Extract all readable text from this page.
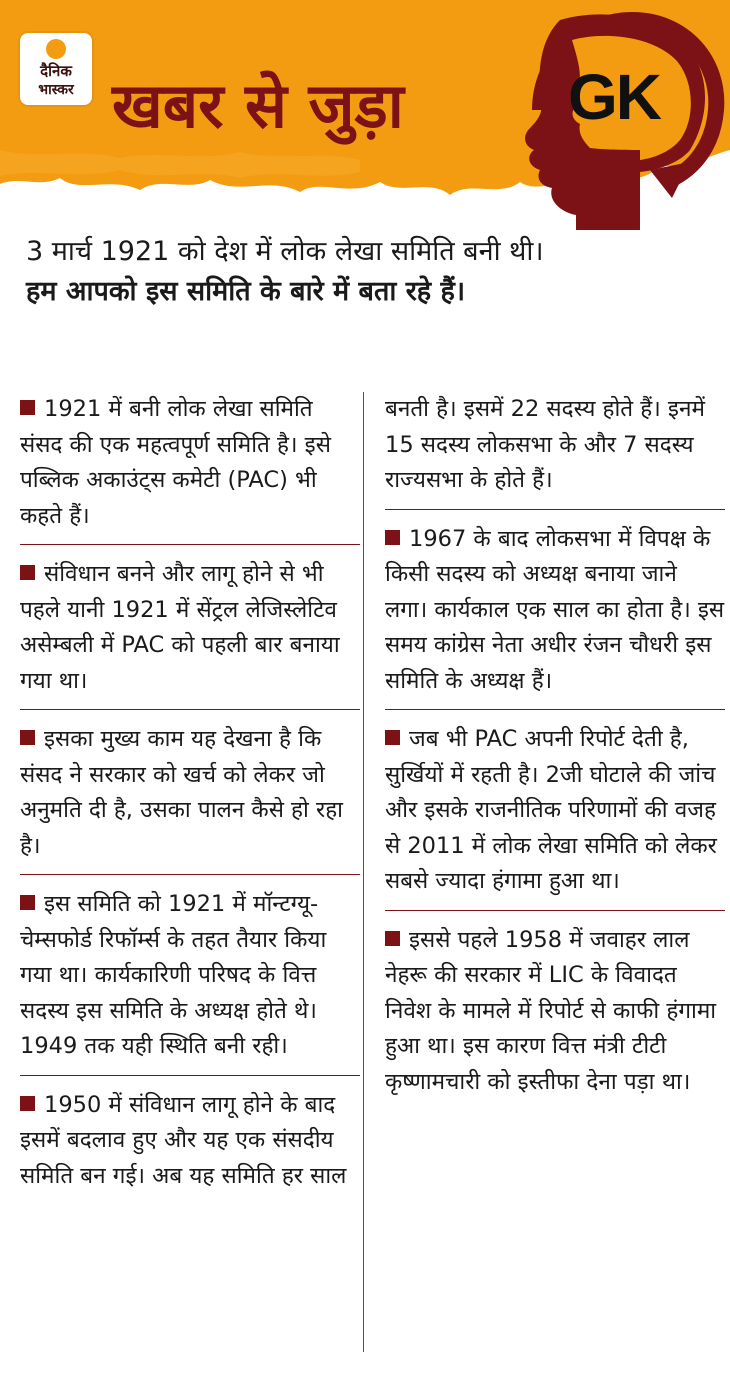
दैनिक
भास्कर खबर से जुड़ा	GK
2
3 मार्च 1921 को देश में लोक लेखा समिति बनी थी। हम आपको इस समिति के बारे में बता रहे हैं।
1921 में बनी लोक लेखा समिति संसद की एक महत्वपूर्ण समिति है। इसे पब्लिक अकाउंट्स कमेटी (PAC) भी कहते हैं।
संविधान बनने और लागू होने से भी पहले यानी 1921 में सेंट्रल लेजिस्लेटिव असेम्बली में PAC को पहली बार बनाया गया था।
इसका मुख्य काम यह देखना है कि संसद ने सरकार को खर्च को लेकर जो अनुमति दी है, उसका पालन कैसे हो रहा है।
इस समिति को 1921 में मॉन्टग्यू-चेम्सफोर्ड रिफॉर्म्स के तहत तैयार किया गया था। कार्यकारिणी परिषद के वित्त सदस्य इस समिति के अध्यक्ष होते थे। 1949 तक यही स्थिति बनी रही।
1950 में संविधान लागू होने के बाद इसमें बदलाव हुए और यह एक संसदीय समिति बन गई। अब यह समिति हर साल
बनती है। इसमें 22 सदस्य होते हैं। इनमें 15 सदस्य लोकसभा के और 7 सदस्य राज्यसभा के होते हैं।
1967 के बाद लोकसभा में विपक्ष के किसी सदस्य को अध्यक्ष बनाया जाने लगा। कार्यकाल एक साल का होता है। इस समय कांग्रेस नेता अधीर रंजन चौधरी इस समिति के अध्यक्ष हैं।
जब भी PAC अपनी रिपोर्ट देती है, सुर्खियों में रहती है। 2जी घोटाले की जांच और इसके राजनीतिक परिणामों की वजह से 2011 में लोक लेखा समिति को लेकर सबसे ज्यादा हंगामा हुआ था।
इससे पहले 1958 में जवाहर लाल नेहरू की सरकार में LIC के विवादत निवेश के मामले में रिपोर्ट से काफी हंगामा हुआ था। इस कारण वित्त मंत्री टीटी कृष्णामचारी को इस्तीफा देना पड़ा था।
